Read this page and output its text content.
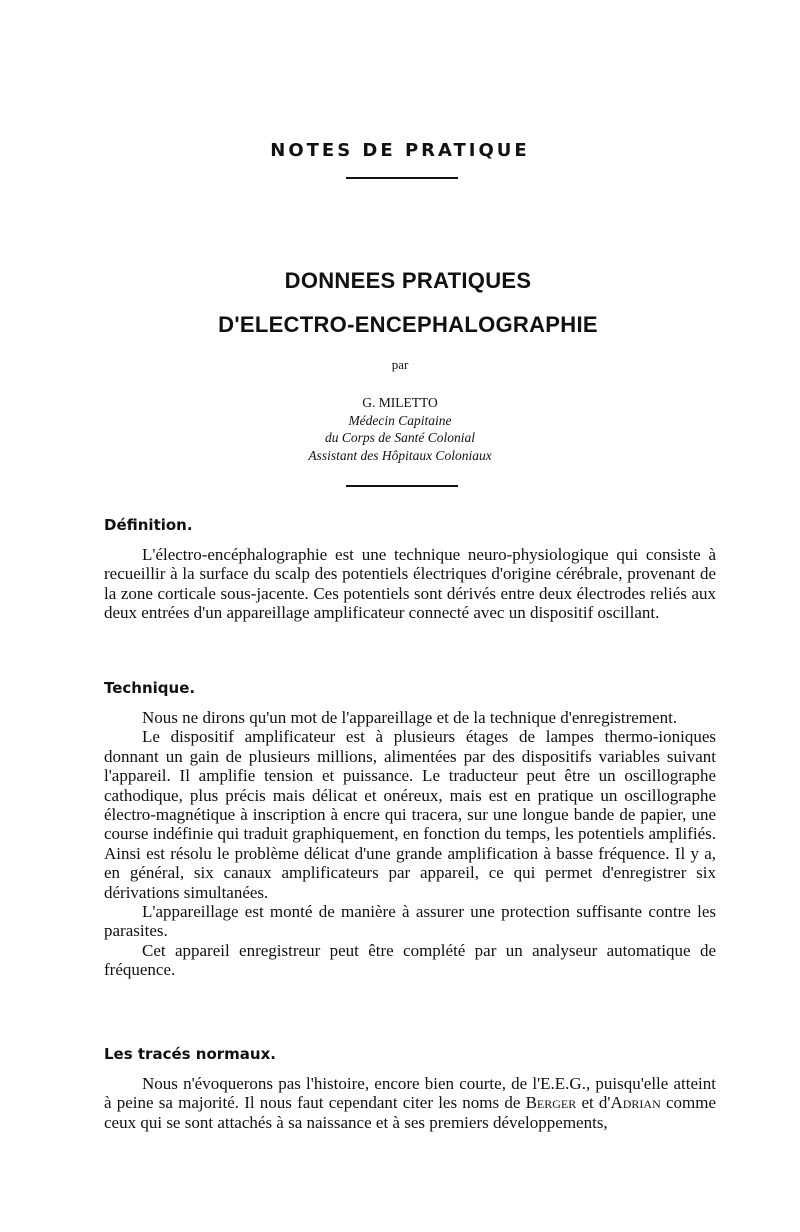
NOTES DE PRATIQUE
DONNEES PRATIQUES
D'ELECTRO-ENCEPHALOGRAPHIE
par
G. MILETTO
Médecin Capitaine
du Corps de Santé Colonial
Assistant des Hôpitaux Coloniaux
Définition.

L'électro-encéphalographie est une technique neuro-physiologique qui consiste à recueillir à la surface du scalp des potentiels électriques d'origine cérébrale, provenant de la zone corticale sous-jacente. Ces potentiels sont dérivés entre deux électrodes reliés aux deux entrées d'un appareillage amplificateur connecté avec un dispositif oscillant.

Technique.

Nous ne dirons qu'un mot de l'appareillage et de la technique d'enregistrement.

Le dispositif amplificateur est à plusieurs étages de lampes thermo-ioniques donnant un gain de plusieurs millions, alimentées par des dispositifs variables suivant l'appareil. Il amplifie tension et puissance. Le traducteur peut être un oscillographe cathodique, plus précis mais délicat et onéreux, mais est en pratique un oscillographe électro-magnétique à inscription à encre qui tracera, sur une longue bande de papier, une course indéfinie qui traduit graphiquement, en fonction du temps, les potentiels amplifiés. Ainsi est résolu le problème délicat d'une grande amplification à basse fréquence. Il y a, en général, six canaux amplificateurs par appareil, ce qui permet d'enregistrer six dérivations simultanées.

L'appareillage est monté de manière à assurer une protection suffisante contre les parasites.

Cet appareil enregistreur peut être complété par un analyseur automatique de fréquence.

Les tracés normaux.

Nous n'évoquerons pas l'histoire, encore bien courte, de l'E.E.G., puisqu'elle atteint à peine sa majorité. Il nous faut cependant citer les noms de Berger et d'Adrian comme ceux qui se sont attachés à sa naissance et à ses premiers développements,
